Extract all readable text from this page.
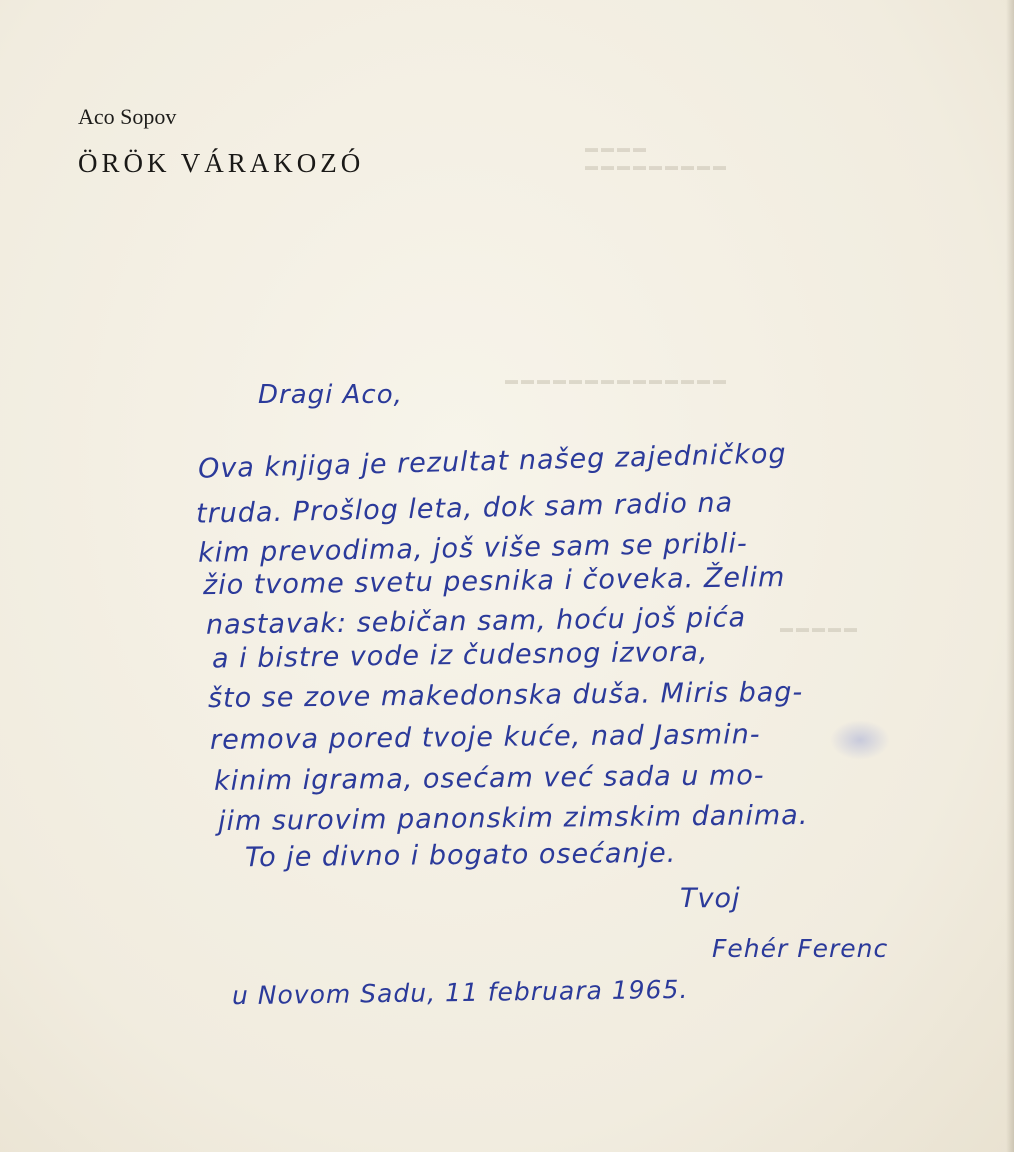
▬▬▬▬
▬▬▬▬▬▬▬▬▬
▬▬▬▬▬▬▬▬▬▬▬▬▬▬
▬▬▬▬▬
Aco Sopov
ÖRÖK VÁRAKOZÓ
Dragi Aco,
Ova knjiga je rezultat našeg zajedničkog
truda. Prošlog leta, dok sam radio na
kim prevodima, još više sam se pribli-
žio tvome svetu pesnika i čoveka. Želim
nastavak: sebičan sam, hoću još pića
a i bistre vode iz čudesnog izvora,
što se zove makedonska duša. Miris bag-
remova pored tvoje kuće, nad Jasmin-
kinim igrama, osećam već sada u mo-
jim surovim panonskim zimskim danima.
To je divno i bogato osećanje.
Tvoj
Fehér Ferenc
u Novom Sadu, 11 februara 1965.
